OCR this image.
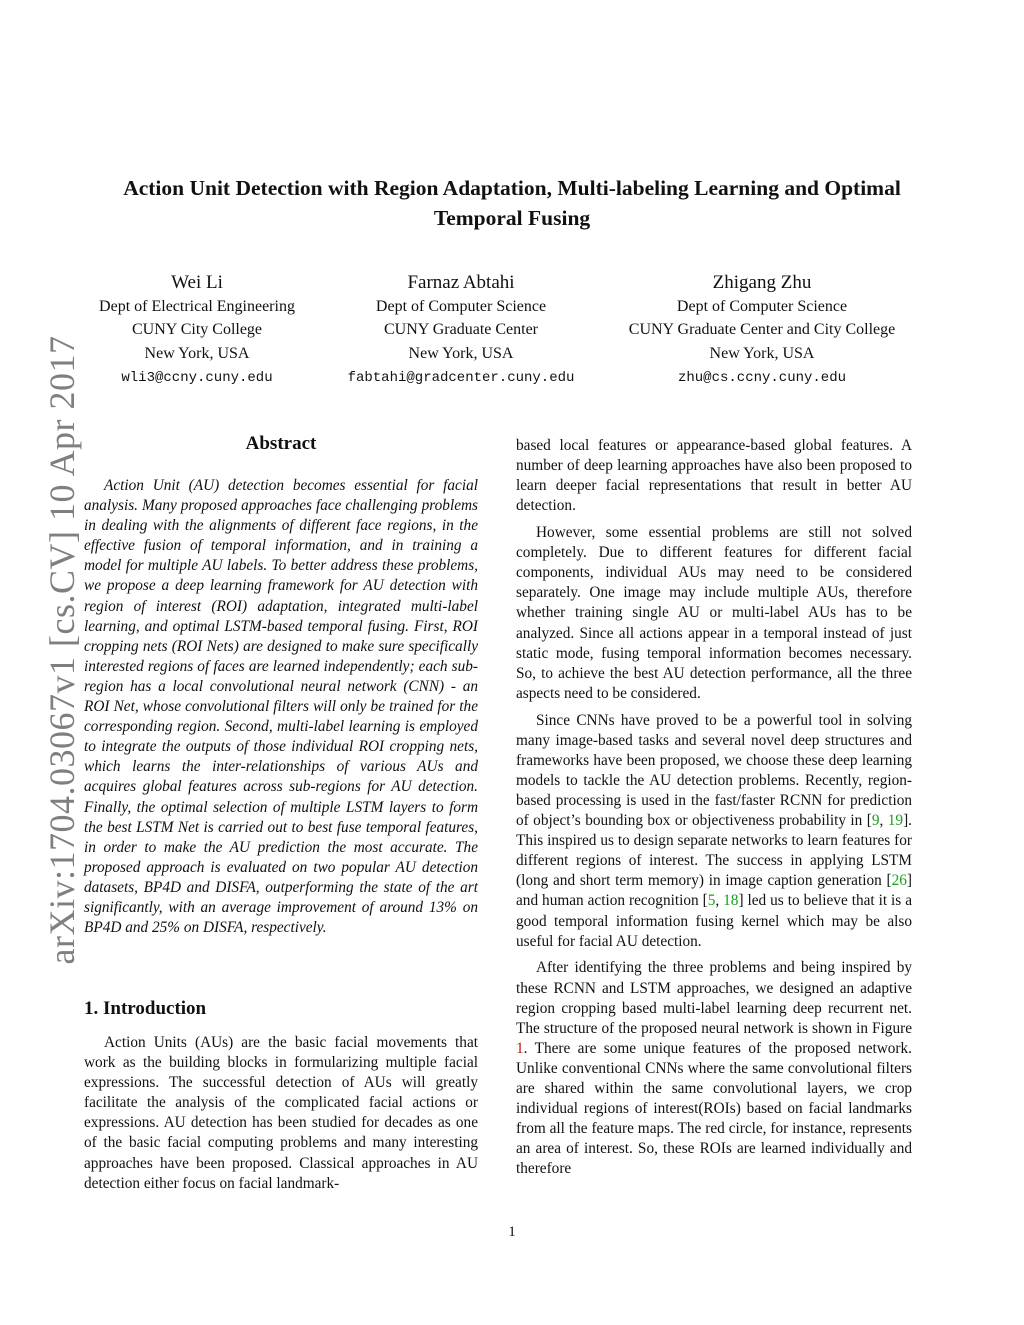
arXiv:1704.03067v1 [cs.CV] 10 Apr 2017
Action Unit Detection with Region Adaptation, Multi-labeling Learning and Optimal Temporal Fusing
Wei Li
Dept of Electrical Engineering
CUNY City College
New York, USA
wli3@ccny.cuny.edu
Farnaz Abtahi
Dept of Computer Science
CUNY Graduate Center
New York, USA
fabtahi@gradcenter.cuny.edu
Zhigang Zhu
Dept of Computer Science
CUNY Graduate Center and City College
New York, USA
zhu@cs.ccny.cuny.edu
Abstract

Action Unit (AU) detection becomes essential for facial analysis. Many proposed approaches face challenging problems in dealing with the alignments of different face regions, in the effective fusion of temporal information, and in training a model for multiple AU labels. To better address these problems, we propose a deep learning framework for AU detection with region of interest (ROI) adaptation, integrated multi-label learning, and optimal LSTM-based temporal fusing. First, ROI cropping nets (ROI Nets) are designed to make sure specifically interested regions of faces are learned independently; each sub-region has a local convolutional neural network (CNN) - an ROI Net, whose convolutional filters will only be trained for the corresponding region. Second, multi-label learning is employed to integrate the outputs of those individual ROI cropping nets, which learns the inter-relationships of various AUs and acquires global features across sub-regions for AU detection. Finally, the optimal selection of multiple LSTM layers to form the best LSTM Net is carried out to best fuse temporal features, in order to make the AU prediction the most accurate. The proposed approach is evaluated on two popular AU detection datasets, BP4D and DISFA, outperforming the state of the art significantly, with an average improvement of around 13% on BP4D and 25% on DISFA, respectively.

1. Introduction

Action Units (AUs) are the basic facial movements that work as the building blocks in formularizing multiple facial expressions. The successful detection of AUs will greatly facilitate the analysis of the complicated facial actions or expressions. AU detection has been studied for decades as one of the basic facial computing problems and many interesting approaches have been proposed. Classical approaches in AU detection either focus on facial landmark-

based local features or appearance-based global features. A number of deep learning approaches have also been proposed to learn deeper facial representations that result in better AU detection.

However, some essential problems are still not solved completely. Due to different features for different facial components, individual AUs may need to be considered separately. One image may include multiple AUs, therefore whether training single AU or multi-label AUs has to be analyzed. Since all actions appear in a temporal instead of just static mode, fusing temporal information becomes necessary. So, to achieve the best AU detection performance, all the three aspects need to be considered.

Since CNNs have proved to be a powerful tool in solving many image-based tasks and several novel deep structures and frameworks have been proposed, we choose these deep learning models to tackle the AU detection problems. Recently, region-based processing is used in the fast/faster RCNN for prediction of object’s bounding box or objectiveness probability in [9, 19]. This inspired us to design separate networks to learn features for different regions of interest. The success in applying LSTM (long and short term memory) in image caption generation [26] and human action recognition [5, 18] led us to believe that it is a good temporal information fusing kernel which may be also useful for facial AU detection.

After identifying the three problems and being inspired by these RCNN and LSTM approaches, we designed an adaptive region cropping based multi-label learning deep recurrent net. The structure of the proposed neural network is shown in Figure 1. There are some unique features of the proposed network. Unlike conventional CNNs where the same convolutional filters are shared within the same convolutional layers, we crop individual regions of interest(ROIs) based on facial landmarks from all the feature maps. The red circle, for instance, represents an area of interest. So, these ROIs are learned individually and therefore

1
